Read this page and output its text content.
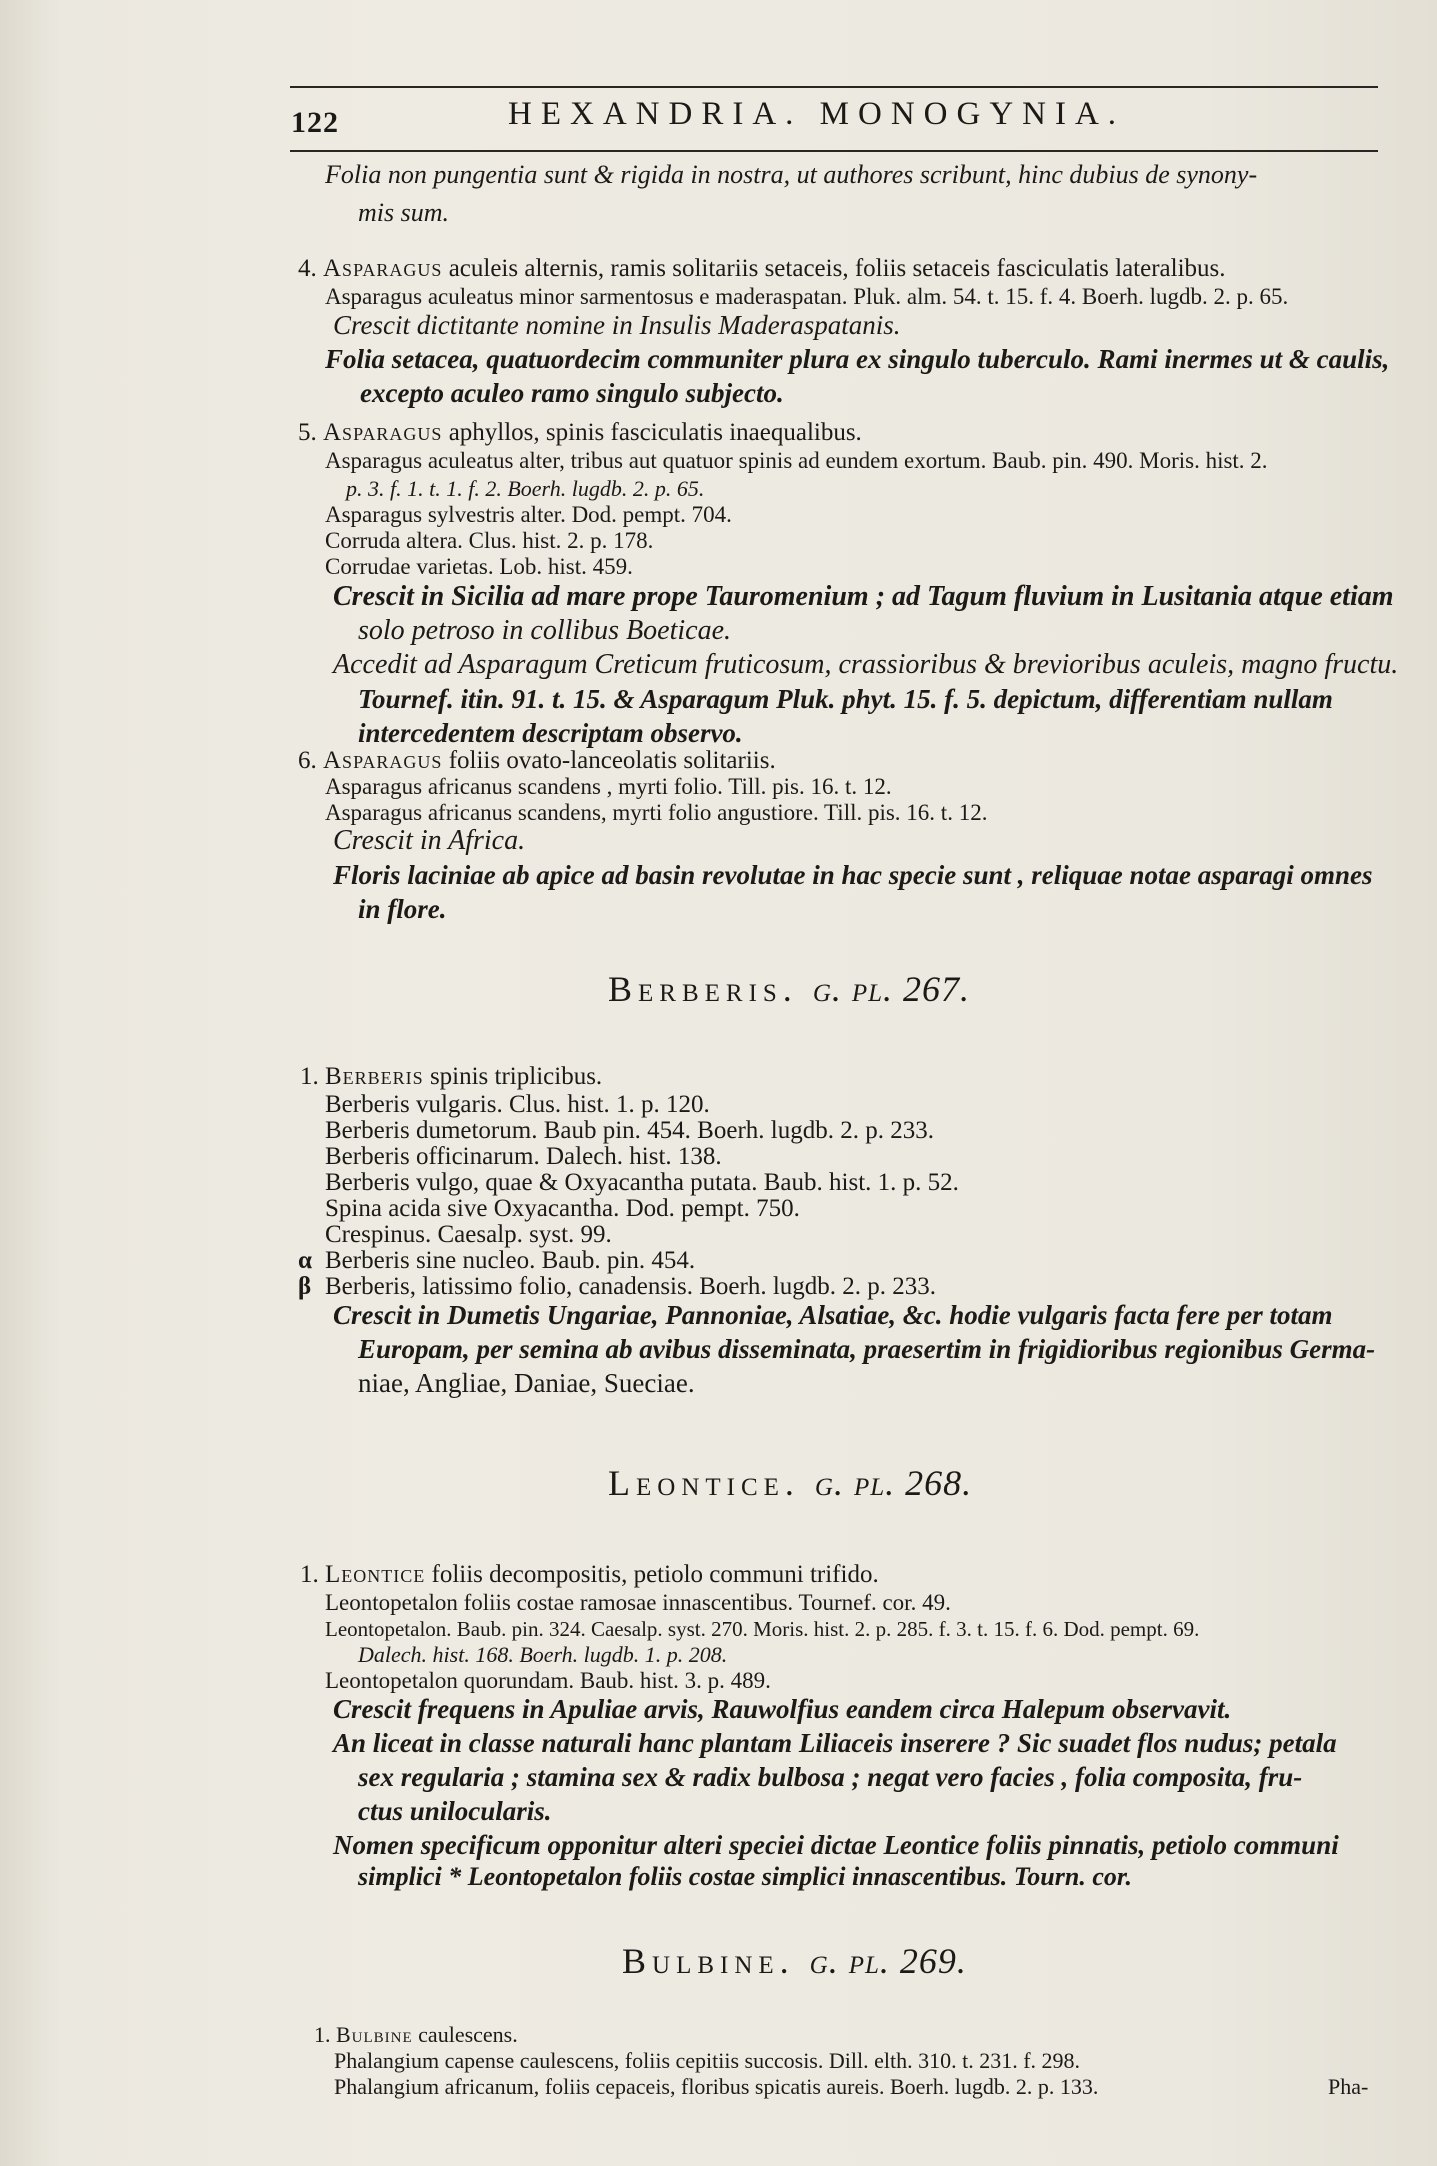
122	HEXANDRIA. MONOGYNIA.
Folia non pungentia sunt & rigida in nostra, ut authores scribunt, hinc dubius de synony-
mis sum.
4. Asparagus aculeis alternis, ramis solitariis setaceis, foliis setaceis fasciculatis lateralibus.
Asparagus aculeatus minor sarmentosus e maderaspatan. Pluk. alm. 54. t. 15. f. 4. Boerh. lugdb. 2. p. 65.
Crescit dictitante nomine in Insulis Maderaspatanis.
Folia setacea, quatuordecim communiter plura ex singulo tuberculo. Rami inermes ut & caulis,
excepto aculeo ramo singulo subjecto.
5. Asparagus aphyllos, spinis fasciculatis inaequalibus.
Asparagus aculeatus alter, tribus aut quatuor spinis ad eundem exortum. Baub. pin. 490. Moris. hist. 2.
p. 3. f. 1. t. 1. f. 2. Boerh. lugdb. 2. p. 65.
Asparagus sylvestris alter. Dod. pempt. 704.
Corruda altera. Clus. hist. 2. p. 178.
Corrudae varietas. Lob. hist. 459.
Crescit in Sicilia ad mare prope Tauromenium ; ad Tagum fluvium in Lusitania atque etiam
solo petroso in collibus Boeticae.
Accedit ad Asparagum Creticum fruticosum, crassioribus & brevioribus aculeis, magno fructu.
Tournef. itin. 91. t. 15. & Asparagum Pluk. phyt. 15. f. 5. depictum, differentiam nullam
intercedentem descriptam observo.
6. Asparagus foliis ovato-lanceolatis solitariis.
Asparagus africanus scandens , myrti folio. Till. pis. 16. t. 12.
Asparagus africanus scandens, myrti folio angustiore. Till. pis. 16. t. 12.
Crescit in Africa.
Floris laciniae ab apice ad basin revolutae in hac specie sunt , reliquae notae asparagi omnes
in flore.
Berberis. g. pl. 267.
1. Berberis spinis triplicibus.
Berberis vulgaris. Clus. hist. 1. p. 120.
Berberis dumetorum. Baub pin. 454. Boerh. lugdb. 2. p. 233.
Berberis officinarum. Dalech. hist. 138.
Berberis vulgo, quae & Oxyacantha putata. Baub. hist. 1. p. 52.
Spina acida sive Oxyacantha. Dod. pempt. 750.
Crespinus. Caesalp. syst. 99.
α Berberis sine nucleo. Baub. pin. 454.
β Berberis, latissimo folio, canadensis. Boerh. lugdb. 2. p. 233.
Crescit in Dumetis Ungariae, Pannoniae, Alsatiae, &c. hodie vulgaris facta fere per totam
Europam, per semina ab avibus disseminata, praesertim in frigidioribus regionibus Germa-
niae, Angliae, Daniae, Sueciae.
Leontice. g. pl. 268.
1. Leontice foliis decompositis, petiolo communi trifido.
Leontopetalon foliis costae ramosae innascentibus. Tournef. cor. 49.
Leontopetalon. Baub. pin. 324. Caesalp. syst. 270. Moris. hist. 2. p. 285. f. 3. t. 15. f. 6. Dod. pempt. 69.
Dalech. hist. 168. Boerh. lugdb. 1. p. 208.
Leontopetalon quorundam. Baub. hist. 3. p. 489.
Crescit frequens in Apuliae arvis, Rauwolfius eandem circa Halepum observavit.
An liceat in classe naturali hanc plantam Liliaceis inserere ? Sic suadet flos nudus; petala
sex regularia ; stamina sex & radix bulbosa ; negat vero facies , folia composita, fru-
ctus unilocularis.
Nomen specificum opponitur alteri speciei dictae Leontice foliis pinnatis, petiolo communi
simplici * Leontopetalon foliis costae simplici innascentibus. Tourn. cor.
Bulbine. g. pl. 269.
1. Bulbine caulescens.
Phalangium capense caulescens, foliis cepitiis succosis. Dill. elth. 310. t. 231. f. 298.
Phalangium africanum, foliis cepaceis, floribus spicatis aureis. Boerh. lugdb. 2. p. 133.	Pha-
